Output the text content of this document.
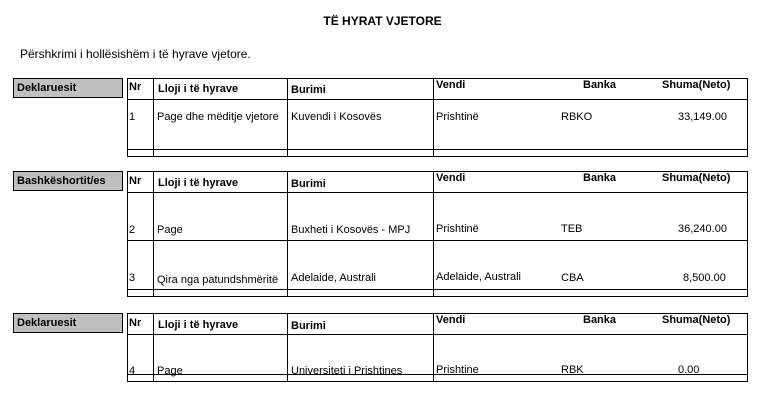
TË HYRAT VJETORE
Përshkrimi i hollësishëm i të hyrave vjetore.
Deklaruesit	Nr Lloji i të hyrave	Burimi	Vendi	Banka	Shuma(Neto)
1 Page dhe mëditje vjetore	Kuvendi i Kosovës	Prishtinë	RBKO	33,149.00
Bashkëshortit/es	Nr Lloji i të hyrave	Burimi	Vendi	Banka	Shuma(Neto)
2 Page	Buxheti i Kosovës - MPJ	Prishtinë	TEB	36,240.00
3 Qira nga patundshmëritë	Adelaide, Australi	Adelaide, Australi	CBA	8,500.00
Deklaruesit	Nr Lloji i të hyrave	Burimi	Vendi	Banka	Shuma(Neto)
4 Page	Universiteti i Prishtines	Prishtine	RBK	0.00
